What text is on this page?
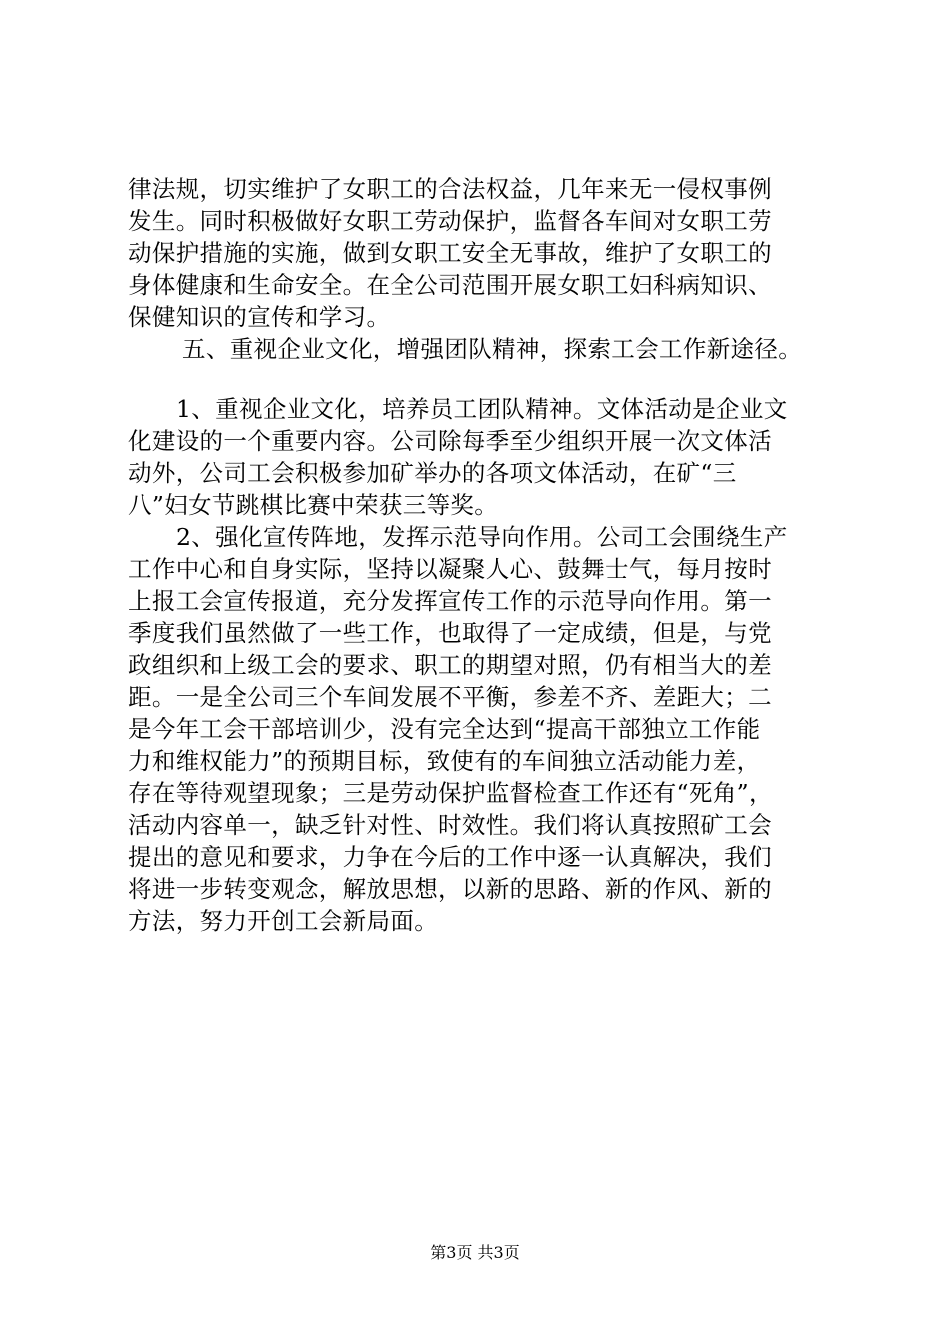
律法规，切实维护了女职工的合法权益，几年来无一侵权事例
发生。同时积极做好女职工劳动保护，监督各车间对女职工劳
动保护措施的实施，做到女职工安全无事故，维护了女职工的
身体健康和生命安全。在全公司范围开展女职工妇科病知识、
保健知识的宣传和学习。
五、重视企业文化，增强团队精神，探索工会工作新途径。
1、重视企业文化，培养员工团队精神。文体活动是企业文
化建设的一个重要内容。公司除每季至少组织开展一次文体活
动外，公司工会积极参加矿举办的各项文体活动，在矿“三
八”妇女节跳棋比赛中荣获三等奖。
2、强化宣传阵地，发挥示范导向作用。公司工会围绕生产
工作中心和自身实际，坚持以凝聚人心、鼓舞士气，每月按时
上报工会宣传报道，充分发挥宣传工作的示范导向作用。第一
季度我们虽然做了一些工作，也取得了一定成绩，但是，与党
政组织和上级工会的要求、职工的期望对照，仍有相当大的差
距。一是全公司三个车间发展不平衡，参差不齐、差距大；二
是今年工会干部培训少，没有完全达到“提高干部独立工作能
力和维权能力”的预期目标，致使有的车间独立活动能力差，
存在等待观望现象；三是劳动保护监督检查工作还有“死角”，
活动内容单一，缺乏针对性、时效性。我们将认真按照矿工会
提出的意见和要求，力争在今后的工作中逐一认真解决，我们
将进一步转变观念，解放思想，以新的思路、新的作风、新的
方法，努力开创工会新局面。
第3页 共3页
